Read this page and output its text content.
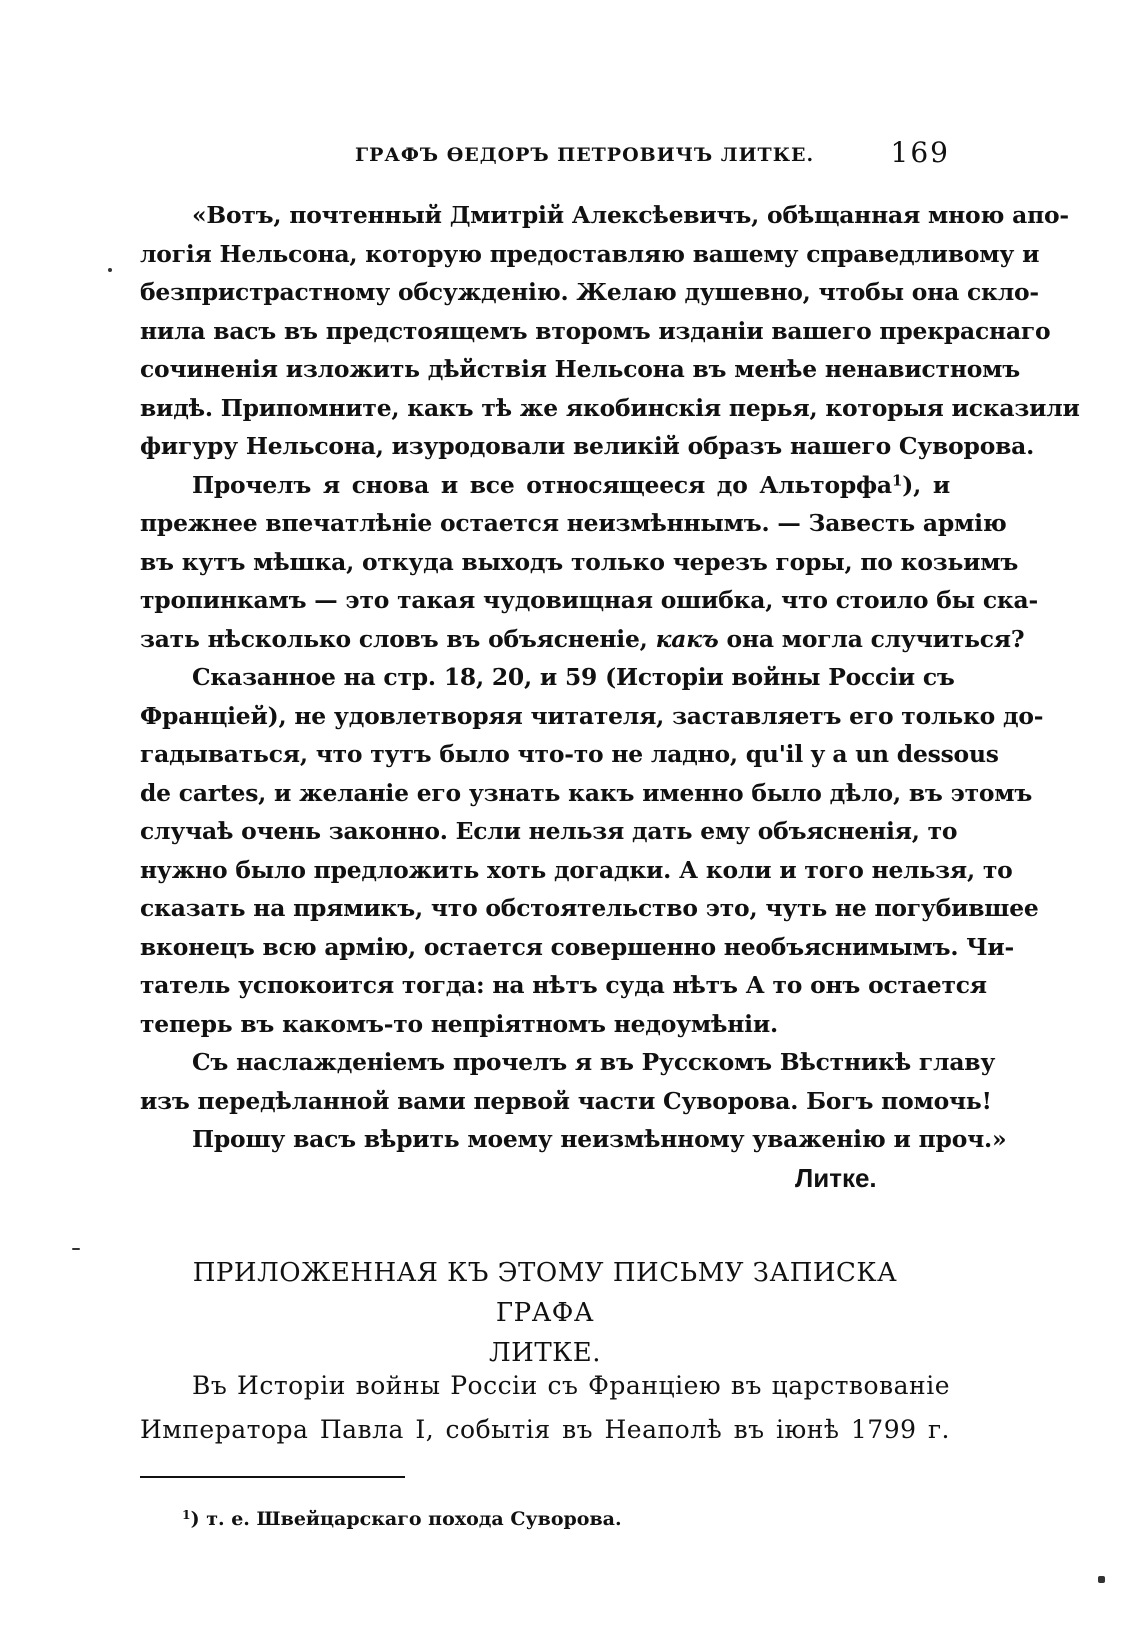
ГРАФЪ ѲЕДОРЪ ПЕТРОВИЧЪ ЛИТКЕ.	169
«Вотъ, почтенный Дмитрій Алексѣевичъ, обѣщанная мною апо-
логія Нельсона, которую предоставляю вашему справедливому и
безпристрастному обсужденію. Желаю душевно, чтобы она скло-
нила васъ въ предстоящемъ второмъ изданіи вашего прекраснаго
сочиненія изложить дѣйствія Нельсона въ менѣе ненавистномъ
видѣ. Припомните, какъ тѣ же якобинскія перья, которыя исказили
фигуру Нельсона, изуродовали великій образъ нашего Суворова.
Прочелъ я снова и все относящееся до Альторфа$^1$), и
прежнее впечатлѣніе остается неизмѣннымъ. — Завесть армію
въ кутъ мѣшка, откуда выходъ только черезъ горы, по козьимъ
тропинкамъ — это такая чудовищная ошибка, что стоило бы ска-
зать нѣсколько словъ въ объясненіе, какъ она могла случиться?
Сказанное на стр. 18, 20, и 59 (Исторіи войны Россіи съ
Франціей), не удовлетворяя читателя, заставляетъ его только до-
гадываться, что тутъ было что-то не ладно, qu'il y a un dessous
de cartes, и желаніе его узнать какъ именно было дѣло, въ этомъ
случаѣ очень законно. Если нельзя дать ему объясненія, то
нужно было предложить хоть догадки. А коли и того нельзя, то
сказать на прямикъ, что обстоятельство это, чуть не погубившее
вконецъ всю армію, остается совершенно необъяснимымъ. Чи-
татель успокоится тогда: на нѣтъ суда нѣтъ А то онъ остается
теперь въ какомъ-то непріятномъ недоумѣніи.
Съ наслажденіемъ прочелъ я въ Русскомъ Вѣстникѣ главу
изъ передѣланной вами первой части Суворова. Богъ помочь!
Прошу васъ вѣрить моему неизмѣнному уваженію и проч.»
Литке.
ПРИЛОЖЕННАЯ КЪ ЭТОМУ ПИСЬМУ ЗАПИСКА ГРАФА
ЛИТКЕ.
Въ Исторіи войны Россіи съ Франціею въ царствованіе
Императора Павла I, событія въ Неаполѣ въ іюнѣ 1799 г.
$^1$) т. е. Швейцарскаго похода Суворова.
